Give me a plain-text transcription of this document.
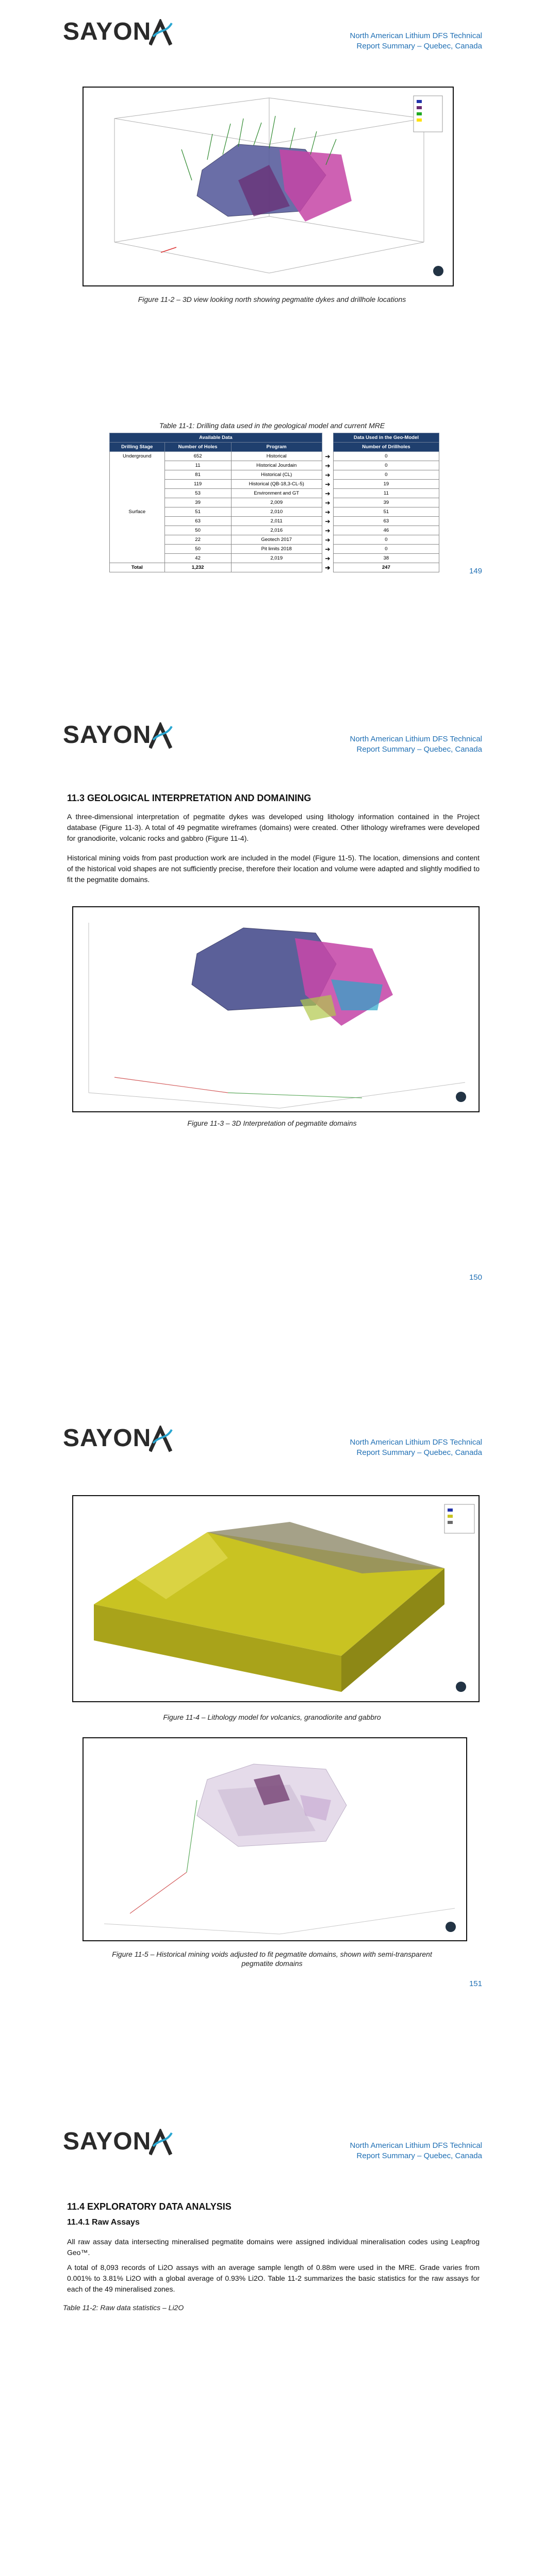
SAYON	North American Lithium DFS Technical
Report Summary – Quebec, Canada
Figure 11-2 – 3D view looking north showing pegmatite dykes and drillhole locations
Table 11-1: Drilling data used in the geological model and current MRE
Available Data				Data Used in the Geo-Model
Drilling Stage	Number of Holes	Program		Number of Drillholes
Underground	652	Historical	➔	0
	11	Historical Jourdain	➔	0
	81	Historical (CL)	➔	0
	119	Historical (QB-18,3-CL-5)	➔	19
	53	Environment and GT	➔	11
	39	2,009	➔	39
Surface	51	2,010	➔	51
	63	2,011	➔	63
	50	2,016	➔	46
	22	Geotech 2017	➔	0
	50	Pit limits 2018	➔	0
	42	2,019	➔	38
Total	1,232		➔	247	149
SAYON	North American Lithium DFS Technical
Report Summary – Quebec, Canada
11.3 GEOLOGICAL INTERPRETATION AND DOMAINING
A three-dimensional interpretation of pegmatite dykes was developed using lithology information contained in the Project database (Figure 11-3). A total of 49 pegmatite wireframes (domains) were created. Other lithology wireframes were developed for granodiorite, volcanic rocks and gabbro (Figure 11-4).
Historical mining voids from past production work are included in the model (Figure 11-5). The location, dimensions and content of the historical void shapes are not sufficiently precise, therefore their location and volume were adapted and slightly modified to fit the pegmatite domains.
Figure 11-3 – 3D Interpretation of pegmatite domains
150
SAYON	North American Lithium DFS Technical
Report Summary – Quebec, Canada
Figure 11-4 – Lithology model for volcanics, granodiorite and gabbro
Figure 11-5 – Historical mining voids adjusted to fit pegmatite domains, shown with semi-transparent
pegmatite domains
151
SAYON	North American Lithium DFS Technical
Report Summary – Quebec, Canada
11.4 EXPLORATORY DATA ANALYSIS
11.4.1 Raw Assays
All raw assay data intersecting mineralised pegmatite domains were assigned individual mineralisation codes using Leapfrog Geo™.
A total of 8,093 records of Li2O assays with an average sample length of 0.88m were used in the MRE. Grade varies from 0.001% to 3.81% Li2O with a global average of 0.93% Li2O. Table 11-2 summarizes the basic statistics for the raw assays for each of the 49 mineralised zones.
Table 11-2: Raw data statistics – Li2O
